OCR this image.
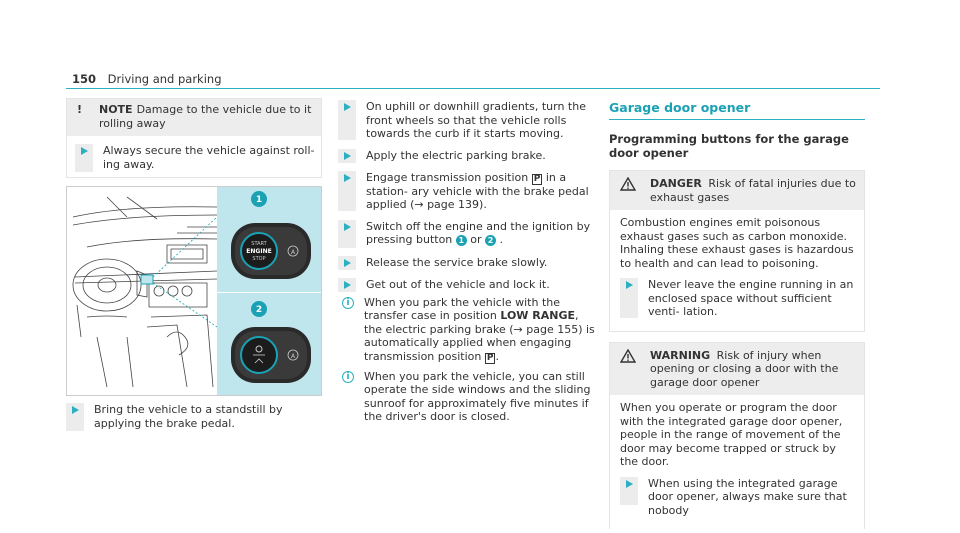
150 Driving and parking
!	NOTE Damage to the vehicle due to it rolling away
Always secure the vehicle against roll- ing away.
START
ENGINE
STOP
A
1
A
2
Bring the vehicle to a standstill by applying the brake pedal.
On uphill or downhill gradients, turn the front wheels so that the vehicle rolls towards the curb if it starts moving.
Apply the electric parking brake.
Engage transmission position P in a station- ary vehicle with the brake pedal applied (→ page 139).
Switch off the engine and the ignition by pressing button 1 or 2 .
Release the service brake slowly.
Get out of the vehicle and lock it.
i	When you park the vehicle with the transfer case in position LOW RANGE, the electric parking brake (→ page 155) is automatically applied when engaging transmission position P .
i	When you park the vehicle, you can still operate the side windows and the sliding sunroof for approximately five minutes if the driver's door is closed.
Garage door opener
Programming buttons for the garage door opener
DANGER Risk of fatal injuries due to exhaust gases

Combustion engines emit poisonous exhaust gases such as carbon monoxide. Inhaling these exhaust gases is hazardous to health and can lead to poisoning.

Never leave the engine running in an enclosed space without sufficient venti- lation.
WARNING Risk of injury when opening or closing a door with the garage door opener

When you operate or program the door with the integrated garage door opener, people in the range of movement of the door may become trapped or struck by the door.

When using the integrated garage door opener, always make sure that nobody
